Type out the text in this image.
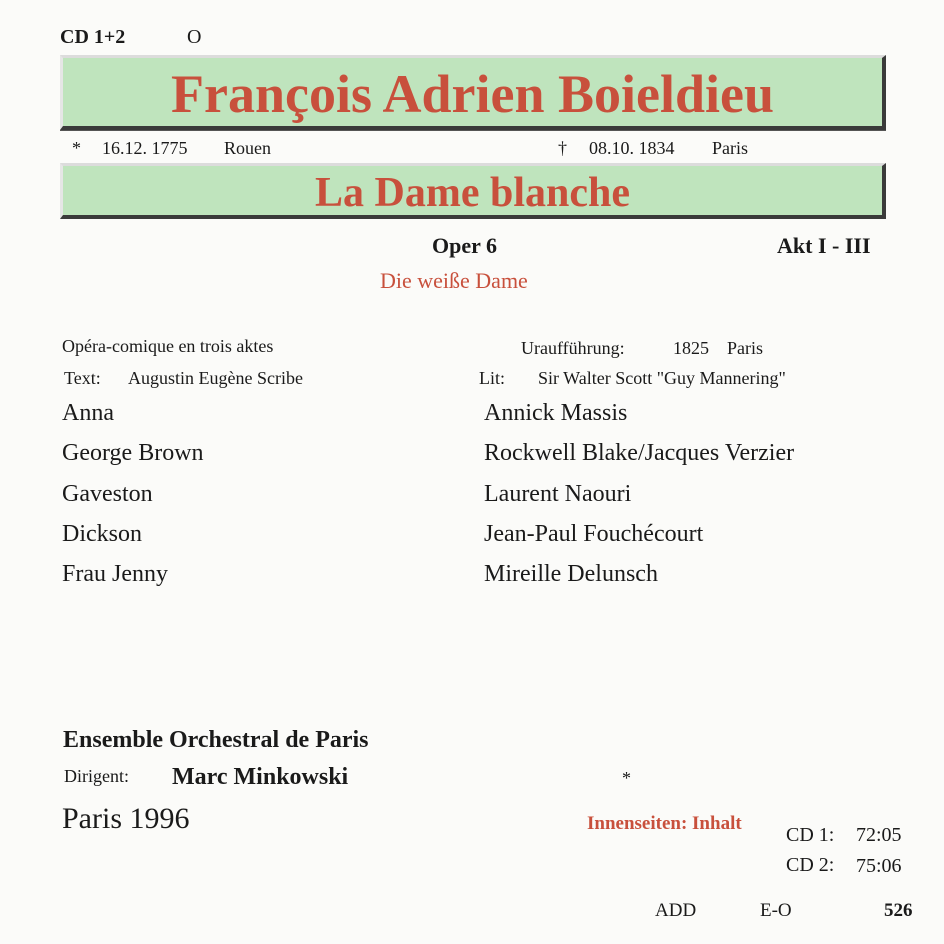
CD 1+2	O
François Adrien Boieldieu
* 16.12. 1775 Rouen	† 08.10. 1834 Paris
La Dame blanche
Oper 6	Akt I - III
Die weiße Dame
Opéra-comique en trois aktes	Uraufführung:	1825 Paris
Text: Augustin Eugène Scribe	Lit: Sir Walter Scott "Guy Mannering"
Anna	Annick Massis
George Brown	Rockwell Blake/Jacques Verzier
Gaveston	Laurent Naouri
Dickson	Jean-Paul Fouchécourt
Frau Jenny	Mireille Delunsch
Ensemble Orchestral de Paris
Dirigent: Marc Minkowski	*
Paris 1996	Innenseiten: Inhalt
CD 1: 72:05
CD 2: 75:06
ADD	E-O	526
